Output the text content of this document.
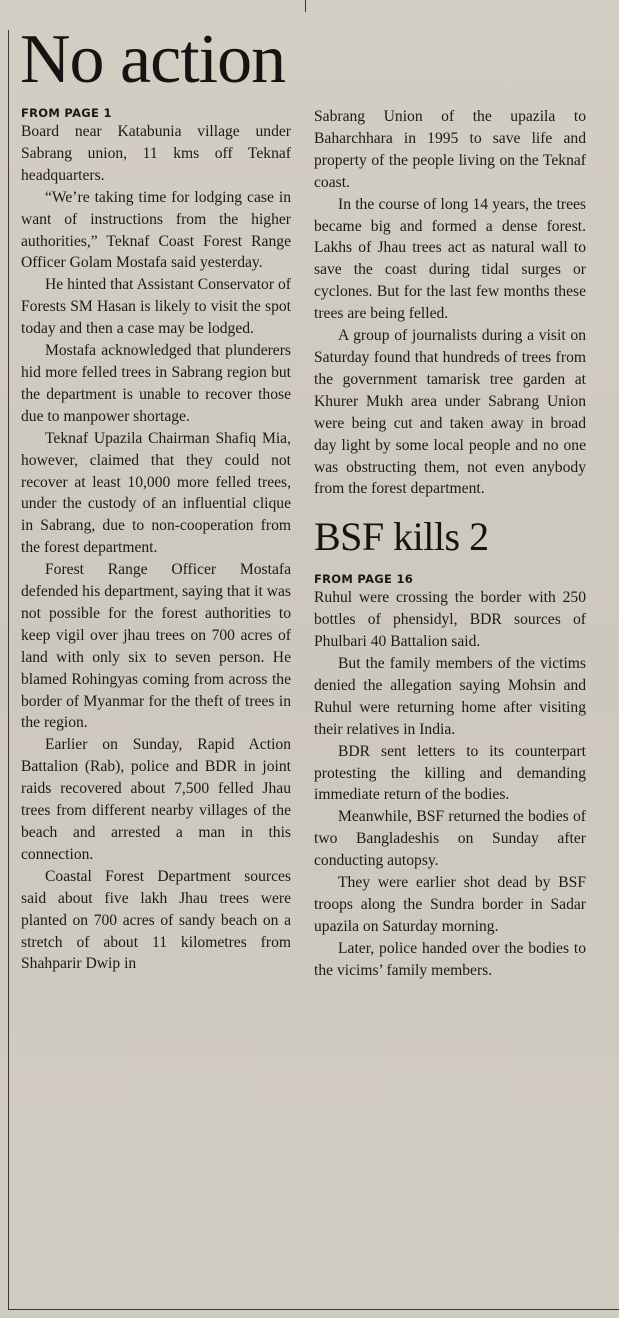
No action
FROM PAGE 1

Board near Katabunia village under Sabrang union, 11 kms off Teknaf headquarters.

“We’re taking time for lodging case in want of instructions from the higher authorities,” Teknaf Coast Forest Range Officer Golam Mostafa said yesterday.

He hinted that Assistant Conservator of Forests SM Hasan is likely to visit the spot today and then a case may be lodged.

Mostafa acknowledged that plunderers hid more felled trees in Sabrang region but the department is unable to recover those due to manpower shortage.

Teknaf Upazila Chairman Shafiq Mia, however, claimed that they could not recover at least 10,000 more felled trees, under the custody of an influential clique in Sabrang, due to non-cooperation from the forest department.

Forest Range Officer Mostafa defended his department, saying that it was not possible for the forest authorities to keep vigil over jhau trees on 700 acres of land with only six to seven person. He blamed Rohingyas coming from across the border of Myanmar for the theft of trees in the region.

Earlier on Sunday, Rapid Action Battalion (Rab), police and BDR in joint raids recovered about 7,500 felled Jhau trees from different nearby villages of the beach and arrested a man in this connection.

Coastal Forest Department sources said about five lakh Jhau trees were planted on 700 acres of sandy beach on a stretch of about 11 kilometres from Shahparir Dwip in

Sabrang Union of the upazila to Baharchhara in 1995 to save life and property of the people living on the Teknaf coast.

In the course of long 14 years, the trees became big and formed a dense forest. Lakhs of Jhau trees act as natural wall to save the coast during tidal surges or cyclones. But for the last few months these trees are being felled.

A group of journalists during a visit on Saturday found that hundreds of trees from the government tamarisk tree garden at Khurer Mukh area under Sabrang Union were being cut and taken away in broad day light by some local people and no one was obstructing them, not even anybody from the forest department.

BSF kills 2
FROM PAGE 16

Ruhul were crossing the border with 250 bottles of phensidyl, BDR sources of Phulbari 40 Battalion said.

But the family members of the victims denied the allegation saying Mohsin and Ruhul were returning home after visiting their relatives in India.

BDR sent letters to its counterpart protesting the killing and demanding immediate return of the bodies.

Meanwhile, BSF returned the bodies of two Bangladeshis on Sunday after conducting autopsy.

They were earlier shot dead by BSF troops along the Sundra border in Sadar upazila on Saturday morning.

Later, police handed over the bodies to the vicims’ family members.
